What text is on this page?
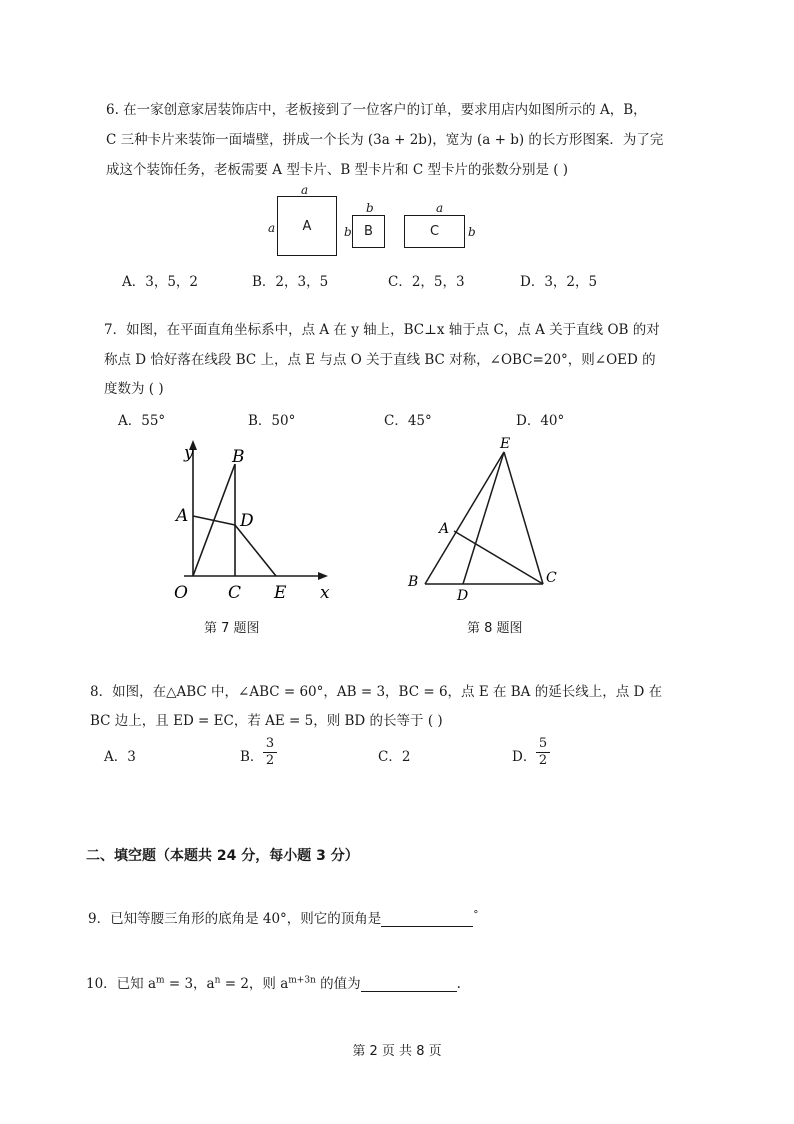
6. 在一家创意家居装饰店中，老板接到了一位客户的订单，要求用店内如图所示的 A，B，
C 三种卡片来装饰一面墙壁，拼成一个长为 (3a + 2b)，宽为 (a + b) 的长方形图案．为了完
成这个装饰任务，老板需要 A 型卡片、B 型卡片和 C 型卡片的张数分别是 ( )
a
a A
b
b B
a
b
C
A．3，5，2	B．2，3，5	C．2，5，3	D．3，2，5
7．如图，在平面直角坐标系中，点 A 在 y 轴上，BC⊥x 轴于点 C，点 A 关于直线 OB 的对
称点 D 恰好落在线段 BC 上，点 E 与点 O 关于直线 BC 对称，∠OBC=20°，则∠OED 的
度数为 ( )
A．55°	B．50°	C．45°	D．40°
y B
A	D
O C E x
第 7 题图
E
A
B	C
D
第 8 题图
8．如图，在△ABC 中，∠ABC = 60°，AB = 3，BC = 6，点 E 在 BA 的延长线上，点 D 在
BC 边上，且 ED = EC，若 AE = 5，则 BD 的长等于 ( )
A．3	B． $\frac{3}{2}$	C．2	D． $\frac{5}{2}$
二、填空题（本题共 24 分，每小题 3 分）
9．已知等腰三角形的底角是 40°，则它的顶角是	°
10．已知 $a^m = 3$，$a^n = 2$，则 $a^{m+3n}$ 的值为	.
第 2 页 共 8 页
